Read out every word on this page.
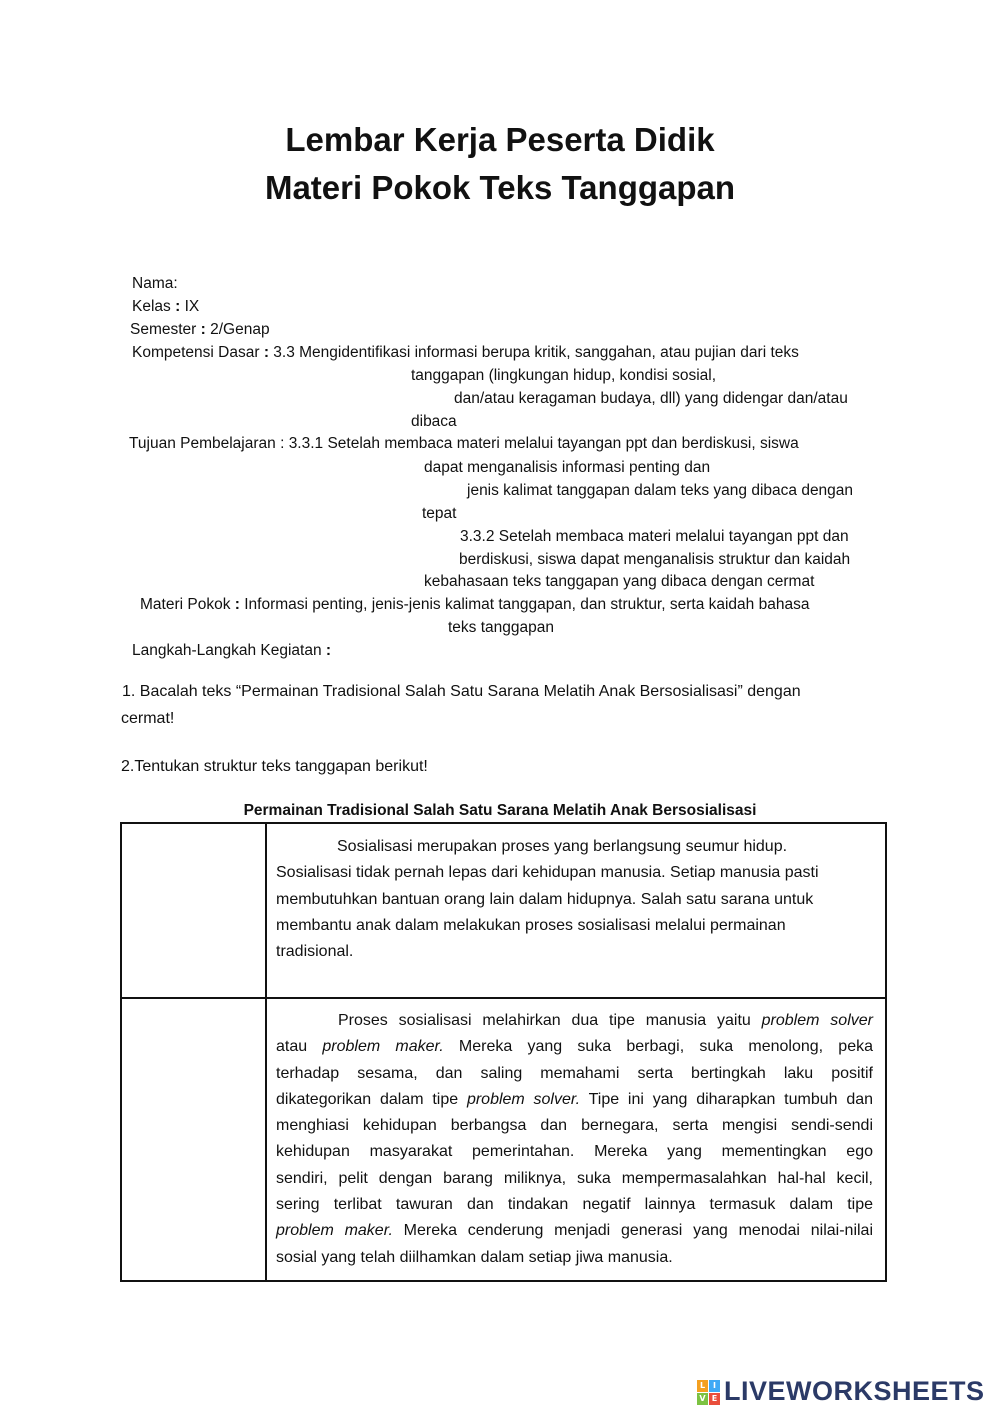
Lembar Kerja Peserta Didik
Materi Pokok Teks Tanggapan
Nama:
Kelas : IX
Semester : 2/Genap
Kompetensi Dasar : 3.3 Mengidentifikasi informasi berupa kritik, sanggahan, atau pujian dari teks
tanggapan (lingkungan hidup, kondisi sosial,
dan/atau keragaman budaya, dll) yang didengar dan/atau
dibaca
Tujuan Pembelajaran : 3.3.1 Setelah membaca materi melalui tayangan ppt dan berdiskusi, siswa
dapat menganalisis informasi penting dan
jenis kalimat tanggapan dalam teks yang dibaca dengan
tepat
3.3.2 Setelah membaca materi melalui tayangan ppt dan
berdiskusi, siswa dapat menganalisis struktur dan kaidah
kebahasaan teks tanggapan yang dibaca dengan cermat
Materi Pokok : Informasi penting, jenis-jenis kalimat tanggapan, dan struktur, serta kaidah bahasa
teks tanggapan
Langkah-Langkah Kegiatan :
1. Bacalah teks “Permainan Tradisional Salah Satu Sarana Melatih Anak Bersosialisasi” dengan
cermat!
2.Tentukan struktur teks tanggapan berikut!
Permainan Tradisional Salah Satu Sarana Melatih Anak Bersosialisasi
Sosialisasi merupakan proses yang berlangsung seumur hidup.
Sosialisasi tidak pernah lepas dari kehidupan manusia. Setiap manusia pasti
membutuhkan bantuan orang lain dalam hidupnya. Salah satu sarana untuk
membantu anak dalam melakukan proses sosialisasi melalui permainan
tradisional.
Proses sosialisasi melahirkan dua tipe manusia yaitu problem solver
atau problem maker. Mereka yang suka berbagi, suka menolong, peka
terhadap sesama, dan saling memahami serta bertingkah laku positif
dikategorikan dalam tipe problem solver. Tipe ini yang diharapkan tumbuh dan
menghiasi kehidupan berbangsa dan bernegara, serta mengisi sendi-sendi
kehidupan masyarakat pemerintahan. Mereka yang mementingkan ego
sendiri, pelit dengan barang miliknya, suka mempermasalahkan hal-hal kecil,
sering terlibat tawuran dan tindakan negatif lainnya termasuk dalam tipe
problem maker. Mereka cenderung menjadi generasi yang menodai nilai-nilai
sosial yang telah diilhamkan dalam setiap jiwa manusia.
L I
V E LIVEWORKSHEETS
